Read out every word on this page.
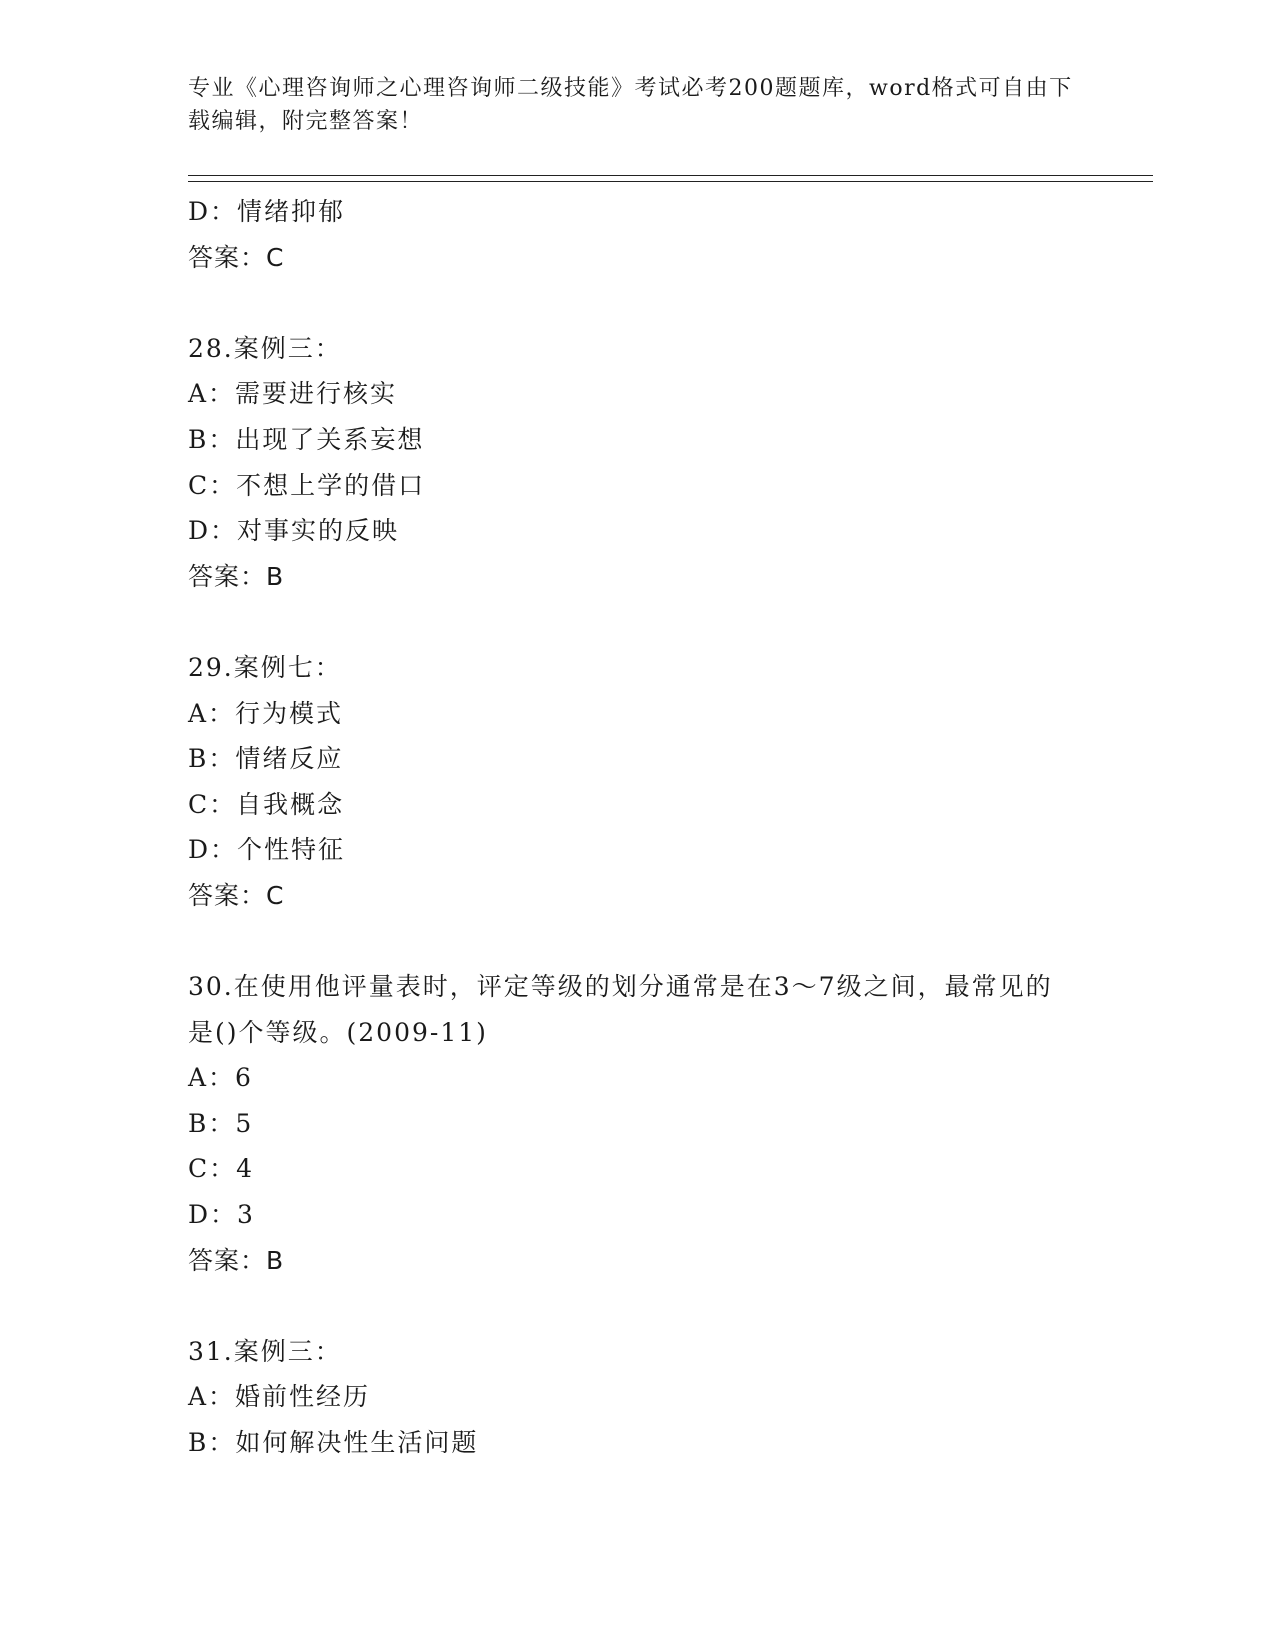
专业《心理咨询师之心理咨询师二级技能》考试必考200题题库，word格式可自由下载编辑，附完整答案！
D：情绪抑郁
答案：C
28.案例三：
A：需要进行核实
B：出现了关系妄想
C：不想上学的借口
D：对事实的反映
答案：B
29.案例七：
A：行为模式
B：情绪反应
C：自我概念
D：个性特征
答案：C
30.在使用他评量表时，评定等级的划分通常是在3～7级之间，最常见的是()个等级。(2009-11)
A：6
B：5
C：4
D：3
答案：B
31.案例三：
A：婚前性经历
B：如何解决性生活问题
